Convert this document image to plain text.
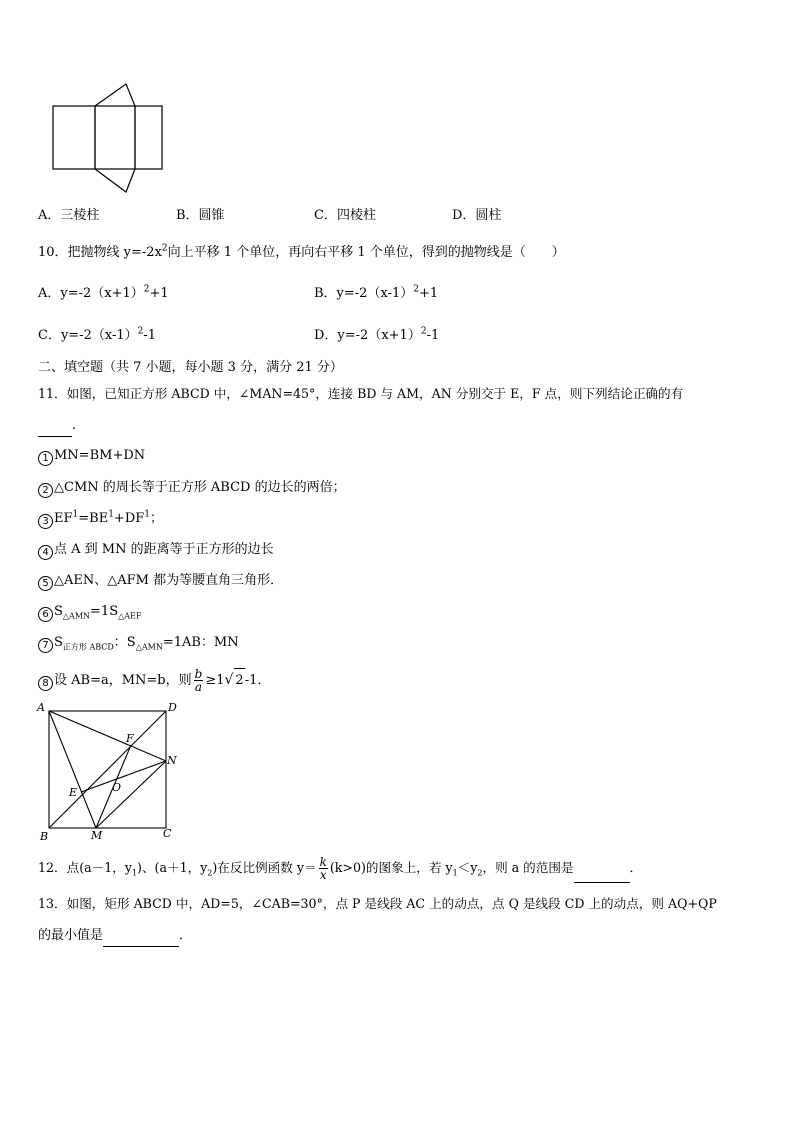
A．三棱柱	B．圆锥	C．四棱柱	D．圆柱
10．把抛物线 $y=-2x^2$向上平移 1 个单位，再向右平移 1 个单位，得到的抛物线是（　　）
A．$y=-2(x+1)^2+1$	B．$y=-2(x-1)^2+1$
C．$y=-2(x-1)^2-1$	D．$y=-2(x+1)^2-1$
二、填空题（共 7 小题，每小题 3 分，满分 21 分）
11．如图，已知正方形 ABCD 中，∠MAN=45°，连接 BD 与 AM，AN 分别交于 E，F 点，则下列结论正确的有
.
1 MN=BM+DN
2 △CMN 的周长等于正方形 ABCD 的边长的两倍；
3 $EF^1=BE^1+DF^1$；
4 点 A 到 MN 的距离等于正方形的边长
5 △AEN、△AFM 都为等腰直角三角形．
6 $S_{\triangle AMN}=1S_{\triangle AEF}$
7 $S_{正方形 ABCD}$：$S_{\triangle AMN}=1AB$：MN
8 设 AB=a，MN=b，则 $\frac{b}{a} \ge 1√$ 2-1．
A	D
B	C
M
N
E
F
O
12．点(a－1，$y_1$)、(a＋1，$y_2$)在反比例函数 $y= \frac{k}{x} (k>0)$的图象上，若 $y_1<y_2$，则 a 的范围是	．
13．如图，矩形 ABCD 中，AD=5，∠CAB=30°，点 P 是线段 AC 上的动点，点 Q 是线段 CD 上的动点，则 AQ+QP
的最小值是	．
